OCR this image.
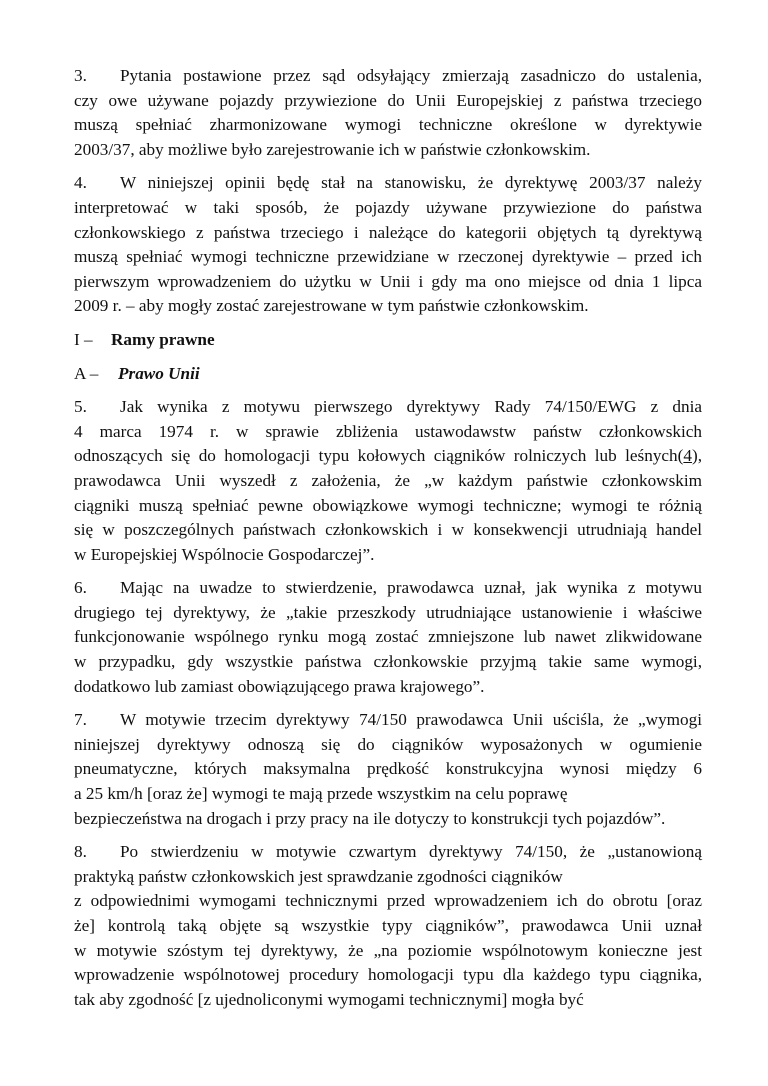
3. Pytania postawione przez sąd odsyłający zmierzają zasadniczo do ustalenia,
czy owe używane pojazdy przywiezione do Unii Europejskiej z państwa trzeciego
muszą spełniać zharmonizowane wymogi techniczne określone w dyrektywie
2003/37, aby możliwe było zarejestrowanie ich w państwie członkowskim.
4. W niniejszej opinii będę stał na stanowisku, że dyrektywę 2003/37 należy
interpretować w taki sposób, że pojazdy używane przywiezione do państwa
członkowskiego z państwa trzeciego i należące do kategorii objętych tą dyrektywą
muszą spełniać wymogi techniczne przewidziane w rzeczonej dyrektywie – przed ich
pierwszym wprowadzeniem do użytku w Unii i gdy ma ono miejsce od dnia 1 lipca
2009 r. – aby mogły zostać zarejestrowane w tym państwie członkowskim.
I – Ramy prawne
A – Prawo Unii
5. Jak wynika z motywu pierwszego dyrektywy Rady 74/150/EWG z dnia
4 marca 1974 r. w sprawie zbliżenia ustawodawstw państw członkowskich
odnoszących się do homologacji typu kołowych ciągników rolniczych lub leśnych(4),
prawodawca Unii wyszedł z założenia, że „w każdym państwie członkowskim
ciągniki muszą spełniać pewne obowiązkowe wymogi techniczne; wymogi te różnią
się w poszczególnych państwach członkowskich i w konsekwencji utrudniają handel
w Europejskiej Wspólnocie Gospodarczej”.
6. Mając na uwadze to stwierdzenie, prawodawca uznał, jak wynika z motywu
drugiego tej dyrektywy, że „takie przeszkody utrudniające ustanowienie i właściwe
funkcjonowanie wspólnego rynku mogą zostać zmniejszone lub nawet zlikwidowane
w przypadku, gdy wszystkie państwa członkowskie przyjmą takie same wymogi,
dodatkowo lub zamiast obowiązującego prawa krajowego”.
7. W motywie trzecim dyrektywy 74/150 prawodawca Unii uściśla, że „wymogi
niniejszej dyrektywy odnoszą się do ciągników wyposażonych w ogumienie
pneumatyczne, których maksymalna prędkość konstrukcyjna wynosi między 6
a 25 km/h [oraz że] wymogi te mają przede wszystkim na celu poprawę
bezpieczeństwa na drogach i przy pracy na ile dotyczy to konstrukcji tych pojazdów”.
8. Po stwierdzeniu w motywie czwartym dyrektywy 74/150, że „ustanowioną
praktyką państw członkowskich jest sprawdzanie zgodności ciągników
z odpowiednimi wymogami technicznymi przed wprowadzeniem ich do obrotu [oraz
że] kontrolą taką objęte są wszystkie typy ciągników”, prawodawca Unii uznał
w motywie szóstym tej dyrektywy, że „na poziomie wspólnotowym konieczne jest
wprowadzenie wspólnotowej procedury homologacji typu dla każdego typu ciągnika,
tak aby zgodność [z ujednoliconymi wymogami technicznymi] mogła być
